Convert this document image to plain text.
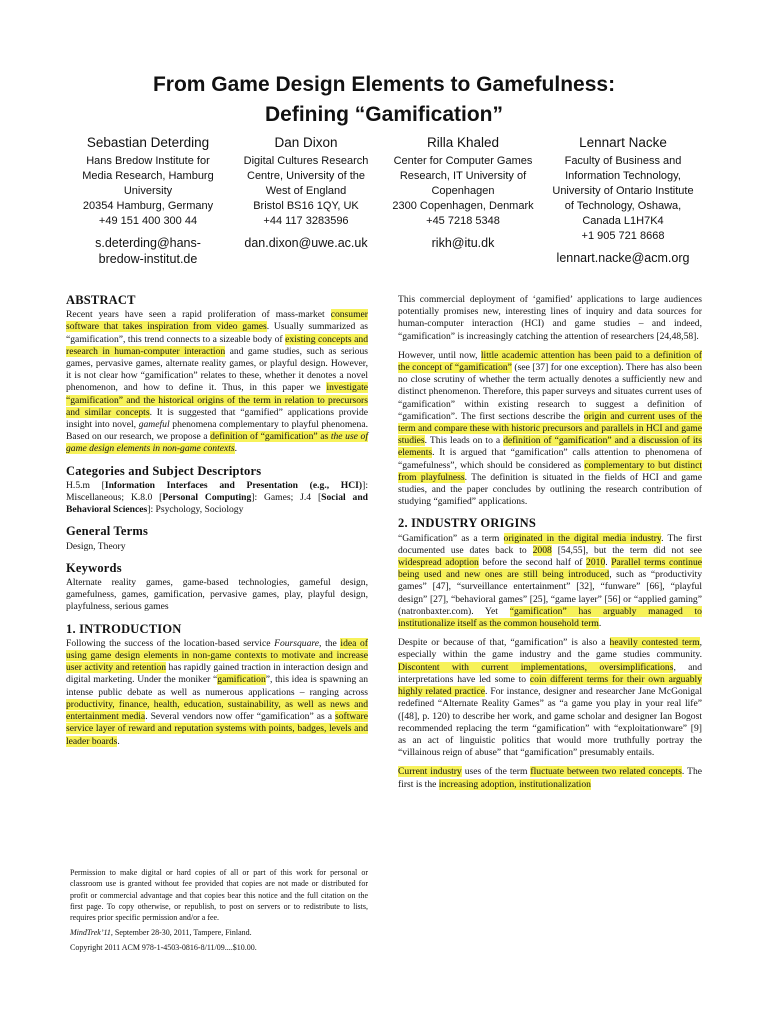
From Game Design Elements to Gamefulness:
Defining “Gamification”
Sebastian Deterding
Hans Bredow Institute for
Media Research, Hamburg
University
20354 Hamburg, Germany
+49 151 400 300 44
s.deterding@hans-
bredow-institut.de
Dan Dixon
Digital Cultures Research
Centre, University of the
West of England
Bristol BS16 1QY, UK
+44 117 3283596
dan.dixon@uwe.ac.uk
Rilla Khaled
Center for Computer Games
Research, IT University of
Copenhagen
2300 Copenhagen, Denmark
+45 7218 5348
rikh@itu.dk
Lennart Nacke
Faculty of Business and
Information Technology,
University of Ontario Institute
of Technology, Oshawa,
Canada L1H7K4
+1 905 721 8668
lennart.nacke@acm.org
ABSTRACT

Recent years have seen a rapid proliferation of mass-market consumer software that takes inspiration from video games. Usually summarized as “gamification”, this trend connects to a sizeable body of existing concepts and research in human-computer interaction and game studies, such as serious games, pervasive games, alternate reality games, or playful design. However, it is not clear how “gamification” relates to these, whether it denotes a novel phenomenon, and how to define it. Thus, in this paper we investigate “gamification” and the historical origins of the term in relation to precursors and similar concepts. It is suggested that “gamified” applications provide insight into novel, gameful phenomena complementary to playful phenomena. Based on our research, we propose a definition of “gamification” as the use of game design elements in non-game contexts.

Categories and Subject Descriptors

H.5.m [Information Interfaces and Presentation (e.g., HCI)]: Miscellaneous; K.8.0 [Personal Computing]: Games; J.4 [Social and Behavioral Sciences]: Psychology, Sociology

General Terms

Design, Theory

Keywords

Alternate reality games, game-based technologies, gameful design, gamefulness, games, gamification, pervasive games, play, playful design, playfulness, serious games

1. INTRODUCTION

Following the success of the location-based service Foursquare, the idea of using game design elements in non-game contexts to motivate and increase user activity and retention has rapidly gained traction in interaction design and digital marketing. Under the moniker “gamification”, this idea is spawning an intense public debate as well as numerous applications – ranging across productivity, finance, health, education, sustainability, as well as news and entertainment media. Several vendors now offer “gamification” as a software service layer of reward and reputation systems with points, badges, levels and leader boards.

Permission to make digital or hard copies of all or part of this work for personal or classroom use is granted without fee provided that copies are not made or distributed for profit or commercial advantage and that copies bear this notice and the full citation on the first page. To copy otherwise, or republish, to post on servers or to redistribute to lists, requires prior specific permission and/or a fee.

MindTrek’11, September 28-30, 2011, Tampere, Finland.

Copyright 2011 ACM 978-1-4503-0816-8/11/09....$10.00.

This commercial deployment of ‘gamified’ applications to large audiences potentially promises new, interesting lines of inquiry and data sources for human-computer interaction (HCI) and game studies – and indeed, “gamification” is increasingly catching the attention of researchers [24,48,58].

However, until now, little academic attention has been paid to a definition of the concept of “gamification” (see [37] for one exception). There has also been no close scrutiny of whether the term actually denotes a sufficiently new and distinct phenomenon. Therefore, this paper surveys and situates current uses of “gamification” within existing research to suggest a definition of “gamification”. The first sections describe the origin and current uses of the term and compare these with historic precursors and parallels in HCI and game studies. This leads on to a definition of “gamification” and a discussion of its elements. It is argued that “gamification” calls attention to phenomena of “gamefulness”, which should be considered as complementary to but distinct from playfulness. The definition is situated in the fields of HCI and game studies, and the paper concludes by outlining the research contribution of studying “gamified” applications.

2. INDUSTRY ORIGINS

“Gamification” as a term originated in the digital media industry. The first documented use dates back to 2008 [54,55], but the term did not see widespread adoption before the second half of 2010. Parallel terms continue being used and new ones are still being introduced, such as “productivity games” [47], “surveillance entertainment” [32], “funware” [66], “playful design” [27], “behavioral games” [25], “game layer” [56] or “applied gaming” (natronbaxter.com). Yet “gamification” has arguably managed to institutionalize itself as the common household term.

Despite or because of that, “gamification” is also a heavily contested term, especially within the game industry and the game studies community. Discontent with current implementations, oversimplifications, and interpretations have led some to coin different terms for their own arguably highly related practice. For instance, designer and researcher Jane McGonigal redefined “Alternate Reality Games” as “a game you play in your real life” ([48], p. 120) to describe her work, and game scholar and designer Ian Bogost recommended replacing the term “gamification” with “exploitationware” [9] as an act of linguistic politics that would more truthfully portray the “villainous reign of abuse” that “gamification” presumably entails.

Current industry uses of the term fluctuate between two related concepts. The first is the increasing adoption, institutionalization
